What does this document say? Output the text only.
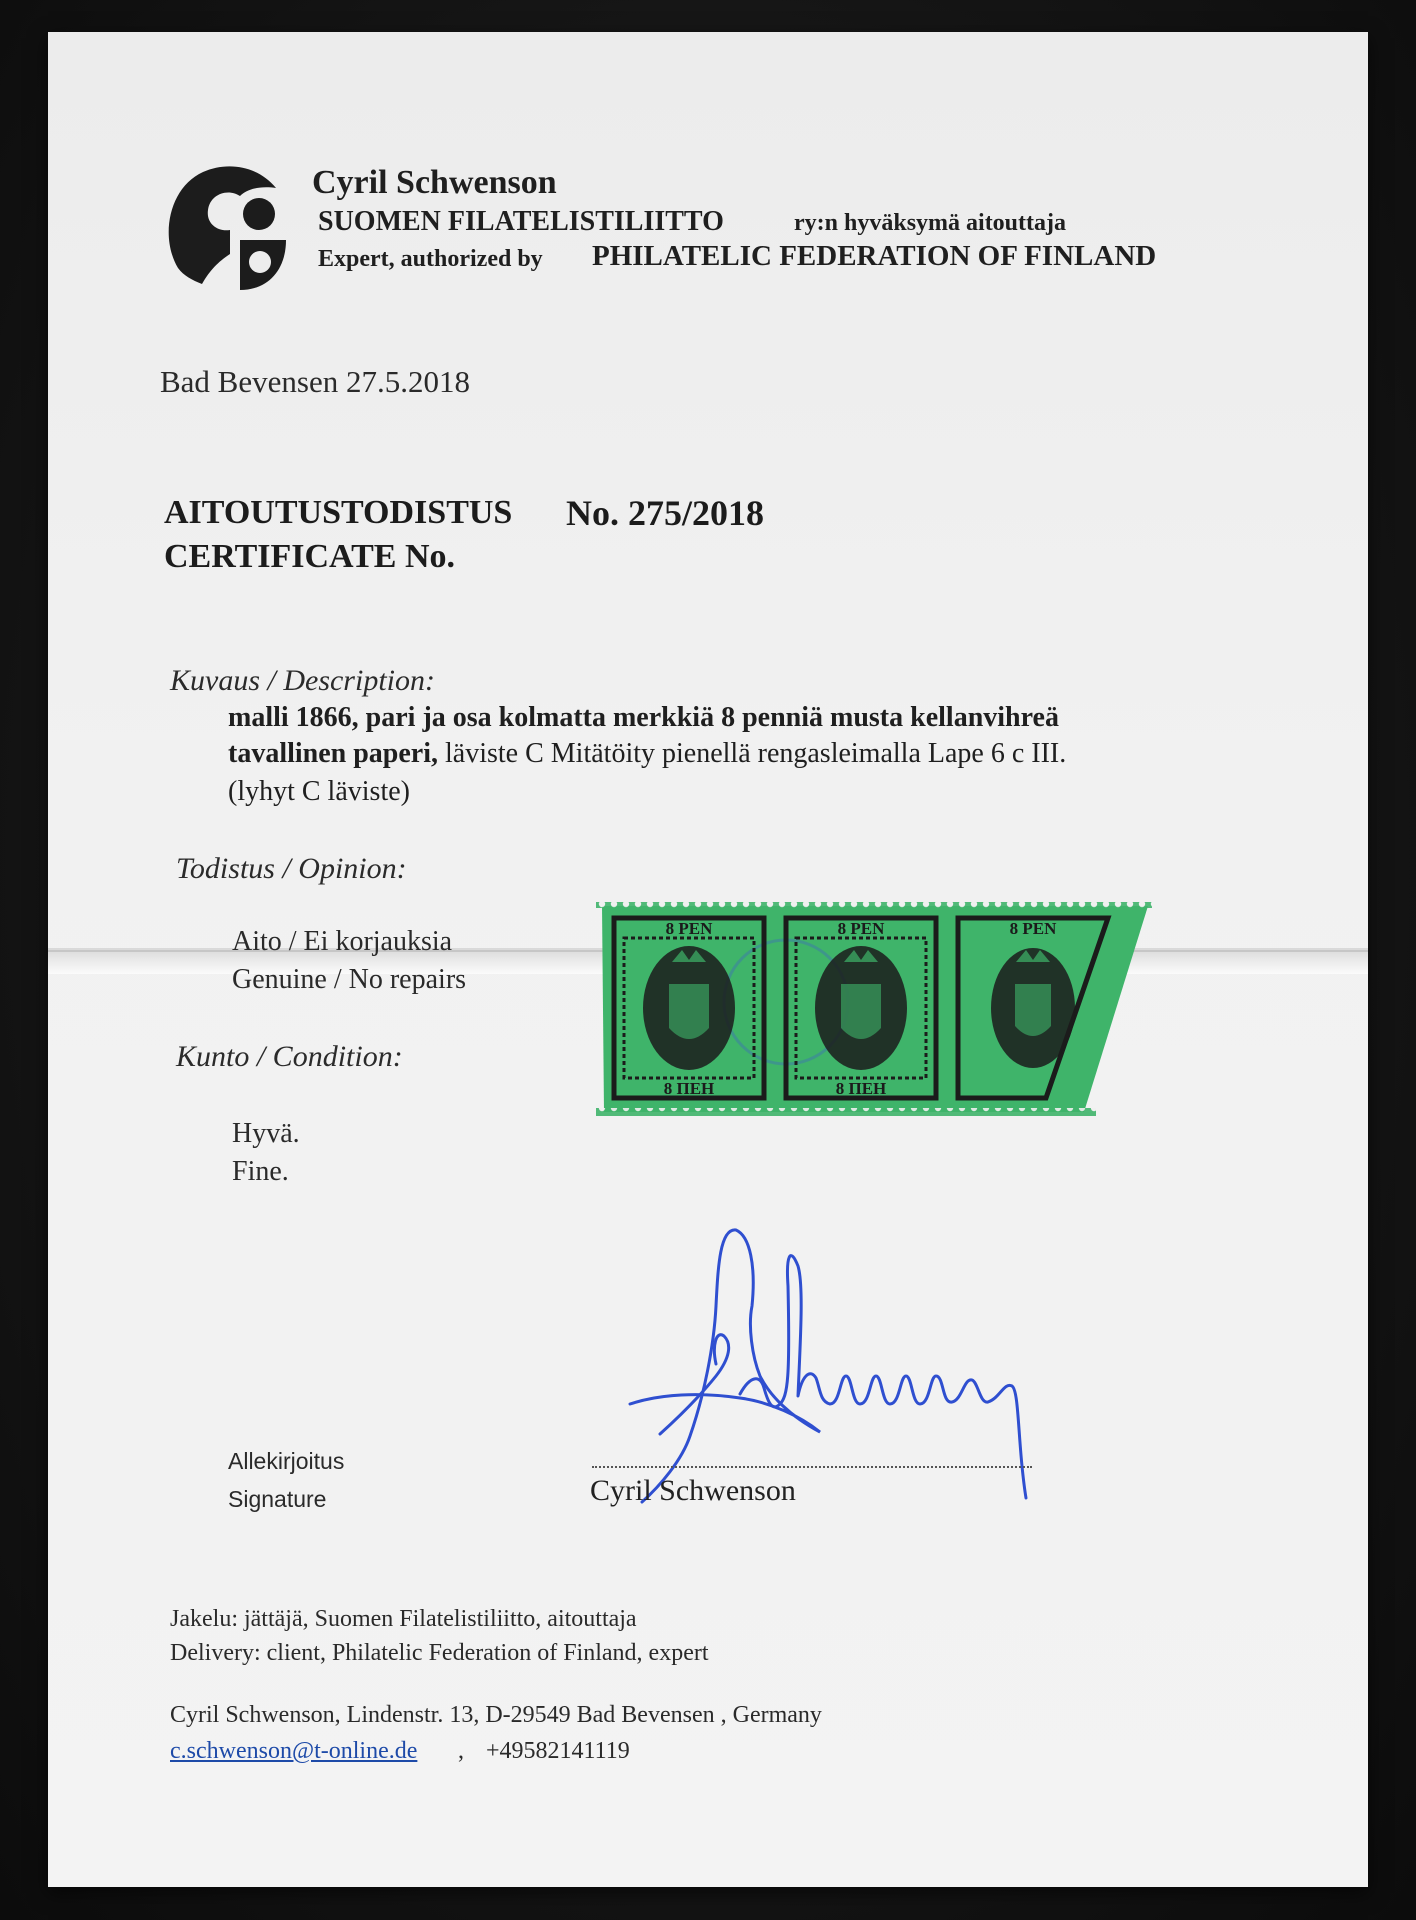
Cyril Schwenson
SUOMEN FILATELISTILIITTO	ry:n hyväksymä aitouttaja
Expert, authorized by PHILATELIC FEDERATION OF FINLAND
Bad Bevensen 27.5.2018
AITOUTUSTODISTUS No. 275/2018
CERTIFICATE No.
Kuvaus / Description:
malli 1866, pari ja osa kolmatta merkkiä 8 penniä musta kellanvihreä
tavallinen paperi, läviste C Mitätöity pienellä rengasleimalla Lape 6 c III.
(lyhyt C läviste)
Todistus / Opinion:
Aito / Ei korjauksia
Genuine / No repairs
Kunto / Condition:
Hyvä.
Fine.
8 PEN
8 ПЕН
8 PEN
8 ПЕН
8 PEN
Allekirjoitus
Signature	Cyril Schwenson
Jakelu: jättäjä, Suomen Filatelistiliitto, aitouttaja
Delivery: client, Philatelic Federation of Finland, expert
Cyril Schwenson, Lindenstr. 13, D-29549 Bad Bevensen , Germany
c.schwenson@t-online.de , +49582141119
